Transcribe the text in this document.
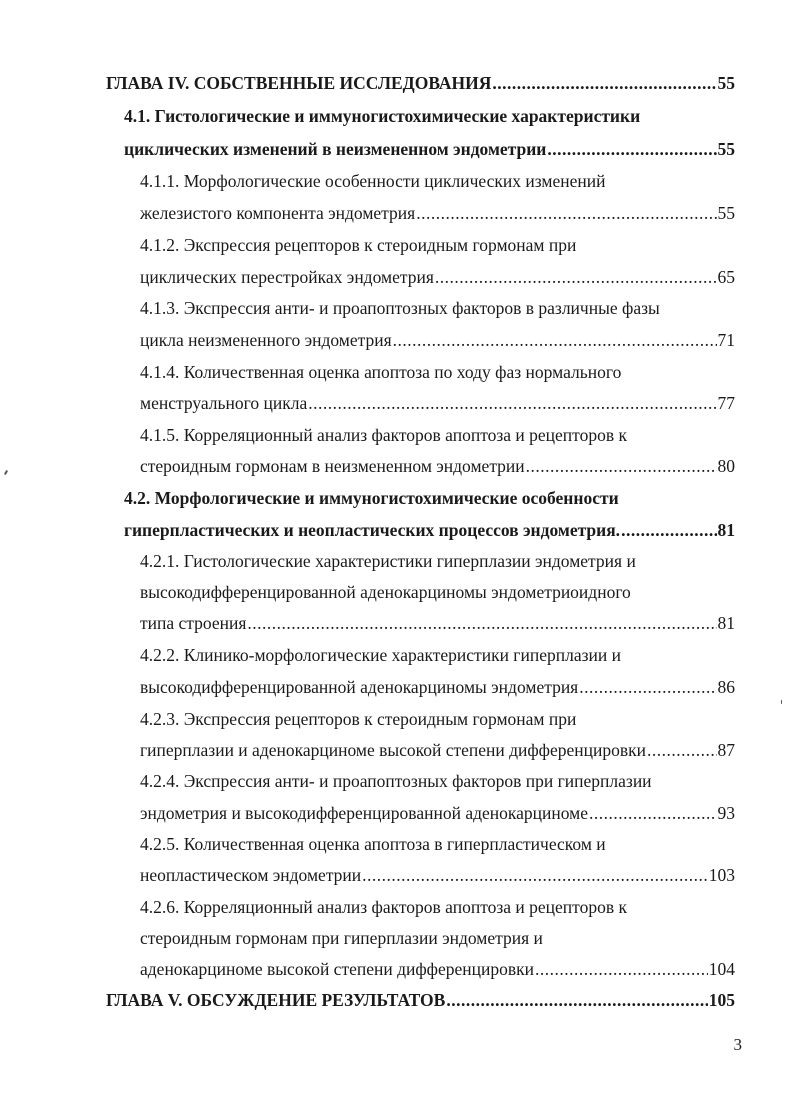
ГЛАВА IV. СОБСТВЕННЫЕ ИССЛЕДОВАНИЯ .....	55
4.1. Гистологические и иммуногистохимические характеристики
циклических изменений в неизмененном эндометрии .....	55
4.1.1. Морфологические особенности циклических изменений
железистого компонента эндометрия .....	55
4.1.2. Экспрессия рецепторов к стероидным гормонам при
циклических перестройках эндометрия .....	65
4.1.3. Экспрессия анти- и проапоптозных факторов в различные фазы
цикла неизмененного эндометрия .....	71
4.1.4. Количественная оценка апоптоза по ходу фаз нормального
менструального цикла .....	77
4.1.5. Корреляционный анализ факторов апоптоза и рецепторов к
стероидным гормонам в неизмененном эндометрии .....	80
4.2. Морфологические и иммуногистохимические особенности
гиперпластических и неопластических процессов эндометрия. .....	81
4.2.1. Гистологические характеристики гиперплазии эндометрия и
высокодифференцированной аденокарциномы эндометриоидного
типа строения .....	81
4.2.2. Клинико-морфологические характеристики гиперплазии и
высокодифференцированной аденокарциномы эндометрия .....	86
4.2.3. Экспрессия рецепторов к стероидным гормонам при
гиперплазии и аденокарциноме высокой степени дифференцировки .....	87
4.2.4. Экспрессия анти- и проапоптозных факторов при гиперплазии
эндометрия и высокодифференцированной аденокарциноме .....	93
4.2.5. Количественная оценка апоптоза в гиперпластическом и
неопластическом эндометрии .....	103
4.2.6. Корреляционный анализ факторов апоптоза и рецепторов к
стероидным гормонам при гиперплазии эндометрия и
аденокарциноме высокой степени дифференцировки .....	104
ГЛАВА V. ОБСУЖДЕНИЕ РЕЗУЛЬТАТОВ .....	105
3
